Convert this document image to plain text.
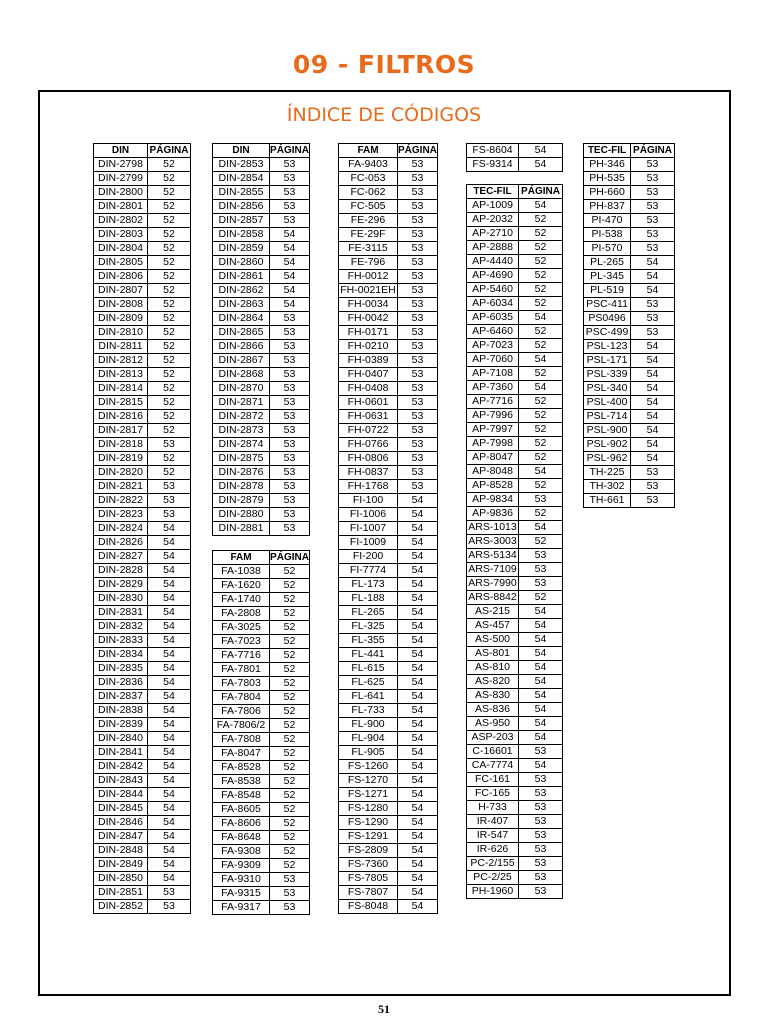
09 - FILTROS
ÍNDICE DE CÓDIGOS
DIN	PÁGINA
DIN-2798	52
DIN-2799	52
DIN-2800	52
DIN-2801	52
DIN-2802	52
DIN-2803	52
DIN-2804	52
DIN-2805	52
DIN-2806	52
DIN-2807	52
DIN-2808	52
DIN-2809	52
DIN-2810	52
DIN-2811	52
DIN-2812	52
DIN-2813	52
DIN-2814	52
DIN-2815	52
DIN-2816	52
DIN-2817	52
DIN-2818	53
DIN-2819	52
DIN-2820	52
DIN-2821	53
DIN-2822	53
DIN-2823	53
DIN-2824	54
DIN-2826	54
DIN-2827	54
DIN-2828	54
DIN-2829	54
DIN-2830	54
DIN-2831	54
DIN-2832	54
DIN-2833	54
DIN-2834	54
DIN-2835	54
DIN-2836	54
DIN-2837	54
DIN-2838	54
DIN-2839	54
DIN-2840	54
DIN-2841	54
DIN-2842	54
DIN-2843	54
DIN-2844	54
DIN-2845	54
DIN-2846	54
DIN-2847	54
DIN-2848	54
DIN-2849	54
DIN-2850	54
DIN-2851	53
DIN-2852	53
DIN	PÁGINA
DIN-2853	53
DIN-2854	53
DIN-2855	53
DIN-2856	53
DIN-2857	53
DIN-2858	54
DIN-2859	54
DIN-2860	54
DIN-2861	54
DIN-2862	54
DIN-2863	54
DIN-2864	53
DIN-2865	53
DIN-2866	53
DIN-2867	53
DIN-2868	53
DIN-2870	53
DIN-2871	53
DIN-2872	53
DIN-2873	53
DIN-2874	53
DIN-2875	53
DIN-2876	53
DIN-2878	53
DIN-2879	53
DIN-2880	53
DIN-2881	53
FAM	PÁGINA
FA-1038	52
FA-1620	52
FA-1740	52
FA-2808	52
FA-3025	52
FA-7023	52
FA-7716	52
FA-7801	52
FA-7803	52
FA-7804	52
FA-7806	52
FA-7806/2	52
FA-7808	52
FA-8047	52
FA-8528	52
FA-8538	52
FA-8548	52
FA-8605	52
FA-8606	52
FA-8648	52
FA-9308	52
FA-9309	52
FA-9310	53
FA-9315	53
FA-9317	53
FAM	PÁGINA
FA-9403	53
FC-053	53
FC-062	53
FC-505	53
FE-296	53
FE-29F	53
FE-3115	53
FE-796	53
FH-0012	53
FH-0021EH	53
FH-0034	53
FH-0042	53
FH-0171	53
FH-0210	53
FH-0389	53
FH-0407	53
FH-0408	53
FH-0601	53
FH-0631	53
FH-0722	53
FH-0766	53
FH-0806	53
FH-0837	53
FH-1768	53
FI-100	54
FI-1006	54
FI-1007	54
FI-1009	54
FI-200	54
FI-7774	54
FL-173	54
FL-188	54
FL-265	54
FL-325	54
FL-355	54
FL-441	54
FL-615	54
FL-625	54
FL-641	54
FL-733	54
FL-900	54
FL-904	54
FL-905	54
FS-1260	54
FS-1270	54
FS-1271	54
FS-1280	54
FS-1290	54
FS-1291	54
FS-2809	54
FS-7360	54
FS-7805	54
FS-7807	54
FS-8048	54
FS-8604	54
FS-9314	54
TEC-FIL	PÁGINA
AP-1009	54
AP-2032	52
AP-2710	52
AP-2888	52
AP-4440	52
AP-4690	52
AP-5460	52
AP-6034	52
AP-6035	54
AP-6460	52
AP-7023	52
AP-7060	54
AP-7108	52
AP-7360	54
AP-7716	52
AP-7996	52
AP-7997	52
AP-7998	52
AP-8047	52
AP-8048	54
AP-8528	52
AP-9834	53
AP-9836	52
ARS-1013	54
ARS-3003	52
ARS-5134	53
ARS-7109	53
ARS-7990	53
ARS-8842	52
AS-215	54
AS-457	54
AS-500	54
AS-801	54
AS-810	54
AS-820	54
AS-830	54
AS-836	54
AS-950	54
ASP-203	54
C-16601	53
CA-7774	54
FC-161	53
FC-165	53
H-733	53
IR-407	53
IR-547	53
IR-626	53
PC-2/155	53
PC-2/25	53
PH-1960	53
TEC-FIL	PÁGINA
PH-346	53
PH-535	53
PH-660	53
PH-837	53
PI-470	53
PI-538	53
PI-570	53
PL-265	54
PL-345	54
PL-519	54
PSC-411	53
PS0496	53
PSC-499	53
PSL-123	54
PSL-171	54
PSL-339	54
PSL-340	54
PSL-400	54
PSL-714	54
PSL-900	54
PSL-902	54
PSL-962	54
TH-225	53
TH-302	53
TH-661	53
51
